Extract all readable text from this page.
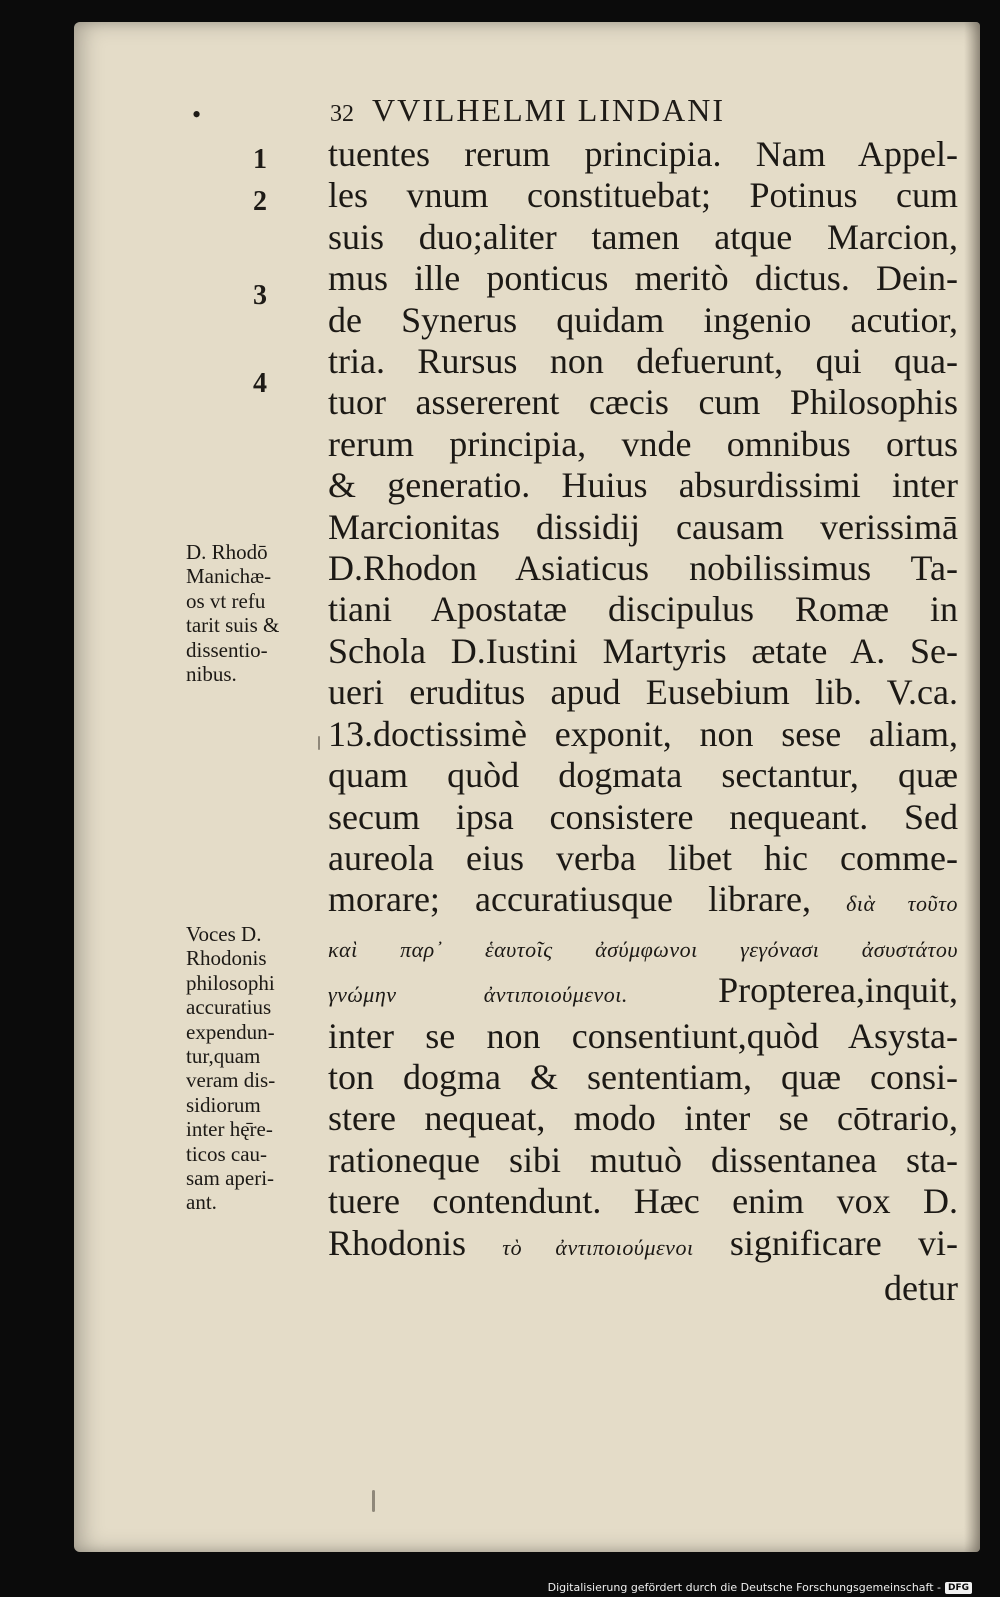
•	32 VVILHELMI LINDANI
1
2
3
4
tuentes rerum principia. Nam Appel-
les vnum constituebat; Potinus cum
suis duo;aliter tamen atque Marcion,
mus ille ponticus meritò dictus. Dein-
de Synerus quidam ingenio acutior,
tria. Rursus non defuerunt, qui qua-
tuor assererent cæcis cum Philosophis
rerum principia, vnde omnibus ortus
& generatio. Huius absurdissimi inter
Marcionitas dissidij causam verissimā
D.Rhodon Asiaticus nobilissimus Ta-
tiani Apostatæ discipulus Romæ in
Schola D.Iustini Martyris ætate A. Se-
ueri eruditus apud Eusebium lib. V.ca.
13.doctissimè exponit, non sese aliam,
quam quòd dogmata sectantur, quæ
secum ipsa consistere nequeant. Sed
aureola eius verba libet hic comme-
morare; accuratiusque librare, διὰ τοῦτο
καὶ παρ᾽ ἑαυτοῖς ἀσύμφωνοι γεγόνασι ἀσυστάτου
γνώμην ἀντιποιούμενοι.	Propterea,inquit,
inter se non consentiunt,quòd Asysta-
ton dogma & sententiam, quæ consi-
stere nequeat, modo inter se cōtrario,
rationeque sibi mutuò dissentanea sta-
tuere contendunt. Hæc enim vox D.
Rhodonis τὸ ἀντιποιούμενοι significare vi-
detur
D. Rhodō
Manichæ-
os vt refu
tarit suis &
dissentio-
nibus.
Voces D.
Rhodonis
philosophi
accuratius
expendun-
tur,quam
veram dis-
sidiorum
inter hę̄re-
ticos cau-
sam aperi-
ant.
Digitalisierung gefördert durch die Deutsche Forschungsgemeinschaft - DFG
